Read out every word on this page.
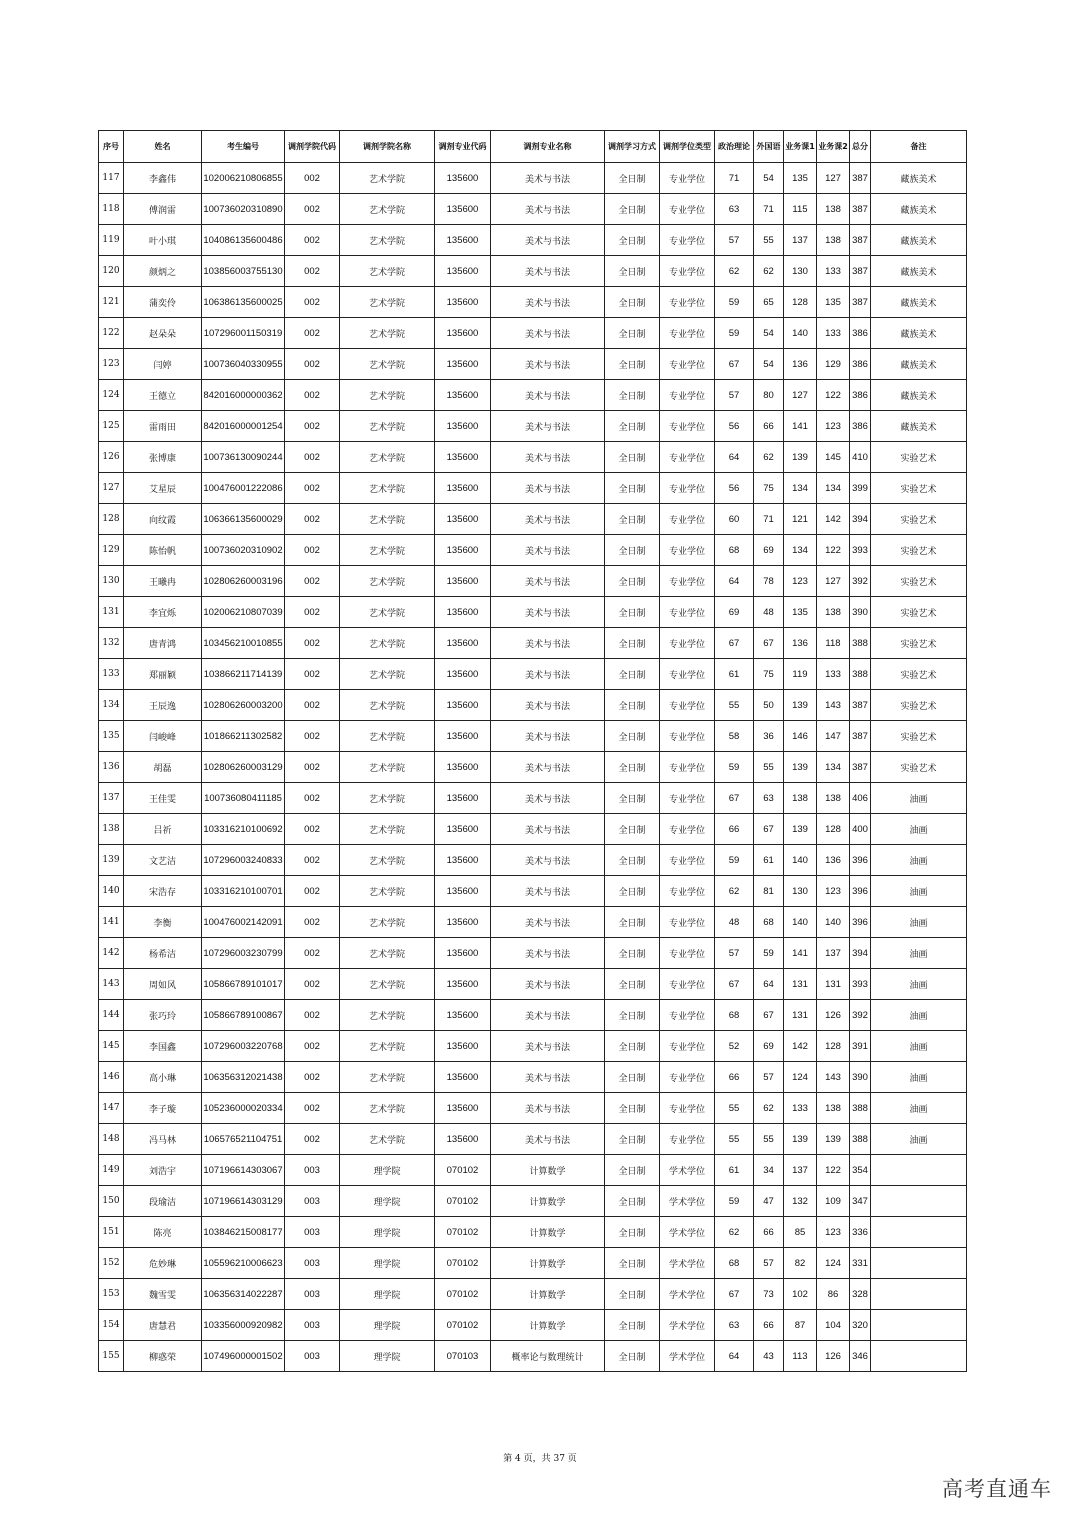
序号	姓名	考生编号	调剂学院代码	调剂学院名称	调剂专业代码	调剂专业名称	调剂学习方式	调剂学位类型	政治理论	外国语	业务课1	业务课2	总分	备注
117	李鑫伟	102006210806855	002	艺术学院	135600	美术与书法	全日制	专业学位	71	54	135	127	387	藏族美术
118	傅润雷	100736020310890	002	艺术学院	135600	美术与书法	全日制	专业学位	63	71	115	138	387	藏族美术
119	叶小琪	104086135600486	002	艺术学院	135600	美术与书法	全日制	专业学位	57	55	137	138	387	藏族美术
120	颜炳之	103856003755130	002	艺术学院	135600	美术与书法	全日制	专业学位	62	62	130	133	387	藏族美术
121	蒲奕伶	106386135600025	002	艺术学院	135600	美术与书法	全日制	专业学位	59	65	128	135	387	藏族美术
122	赵朵朵	107296001150319	002	艺术学院	135600	美术与书法	全日制	专业学位	59	54	140	133	386	藏族美术
123	闫婷	100736040330955	002	艺术学院	135600	美术与书法	全日制	专业学位	67	54	136	129	386	藏族美术
124	王德立	842016000000362	002	艺术学院	135600	美术与书法	全日制	专业学位	57	80	127	122	386	藏族美术
125	雷雨田	842016000001254	002	艺术学院	135600	美术与书法	全日制	专业学位	56	66	141	123	386	藏族美术
126	张博康	100736130090244	002	艺术学院	135600	美术与书法	全日制	专业学位	64	62	139	145	410	实验艺术
127	艾星辰	100476001222086	002	艺术学院	135600	美术与书法	全日制	专业学位	56	75	134	134	399	实验艺术
128	向纹霞	106366135600029	002	艺术学院	135600	美术与书法	全日制	专业学位	60	71	121	142	394	实验艺术
129	陈怡帆	100736020310902	002	艺术学院	135600	美术与书法	全日制	专业学位	68	69	134	122	393	实验艺术
130	王曦冉	102806260003196	002	艺术学院	135600	美术与书法	全日制	专业学位	64	78	123	127	392	实验艺术
131	李宜烁	102006210807039	002	艺术学院	135600	美术与书法	全日制	专业学位	69	48	135	138	390	实验艺术
132	唐青鸿	103456210010855	002	艺术学院	135600	美术与书法	全日制	专业学位	67	67	136	118	388	实验艺术
133	郑丽颖	103866211714139	002	艺术学院	135600	美术与书法	全日制	专业学位	61	75	119	133	388	实验艺术
134	王辰逸	102806260003200	002	艺术学院	135600	美术与书法	全日制	专业学位	55	50	139	143	387	实验艺术
135	闫峻峰	101866211302582	002	艺术学院	135600	美术与书法	全日制	专业学位	58	36	146	147	387	实验艺术
136	胡磊	102806260003129	002	艺术学院	135600	美术与书法	全日制	专业学位	59	55	139	134	387	实验艺术
137	王佳雯	100736080411185	002	艺术学院	135600	美术与书法	全日制	专业学位	67	63	138	138	406	油画
138	吕祈	103316210100692	002	艺术学院	135600	美术与书法	全日制	专业学位	66	67	139	128	400	油画
139	文艺洁	107296003240833	002	艺术学院	135600	美术与书法	全日制	专业学位	59	61	140	136	396	油画
140	宋浩存	103316210100701	002	艺术学院	135600	美术与书法	全日制	专业学位	62	81	130	123	396	油画
141	李衡	100476002142091	002	艺术学院	135600	美术与书法	全日制	专业学位	48	68	140	140	396	油画
142	杨希洁	107296003230799	002	艺术学院	135600	美术与书法	全日制	专业学位	57	59	141	137	394	油画
143	周如风	105866789101017	002	艺术学院	135600	美术与书法	全日制	专业学位	67	64	131	131	393	油画
144	张巧玲	105866789100867	002	艺术学院	135600	美术与书法	全日制	专业学位	68	67	131	126	392	油画
145	李国鑫	107296003220768	002	艺术学院	135600	美术与书法	全日制	专业学位	52	69	142	128	391	油画
146	高小琳	106356312021438	002	艺术学院	135600	美术与书法	全日制	专业学位	66	57	124	143	390	油画
147	李子璇	105236000020334	002	艺术学院	135600	美术与书法	全日制	专业学位	55	62	133	138	388	油画
148	冯马林	106576521104751	002	艺术学院	135600	美术与书法	全日制	专业学位	55	55	139	139	388	油画
149	刘浩宇	107196614303067	003	理学院	070102	计算数学	全日制	学术学位	61	34	137	122	354	
150	段瑜洁	107196614303129	003	理学院	070102	计算数学	全日制	学术学位	59	47	132	109	347	
151	陈亮	103846215008177	003	理学院	070102	计算数学	全日制	学术学位	62	66	85	123	336	
152	危妙琳	105596210006623	003	理学院	070102	计算数学	全日制	学术学位	68	57	82	124	331	
153	魏雪雯	106356314022287	003	理学院	070102	计算数学	全日制	学术学位	67	73	102	86	328	
154	唐慧君	103356000920982	003	理学院	070102	计算数学	全日制	学术学位	63	66	87	104	320	
155	柳惑荣	107496000001502	003	理学院	070103	概率论与数理统计	全日制	学术学位	64	43	113	126	346	
第 4 页，共 37 页
高考直通车
